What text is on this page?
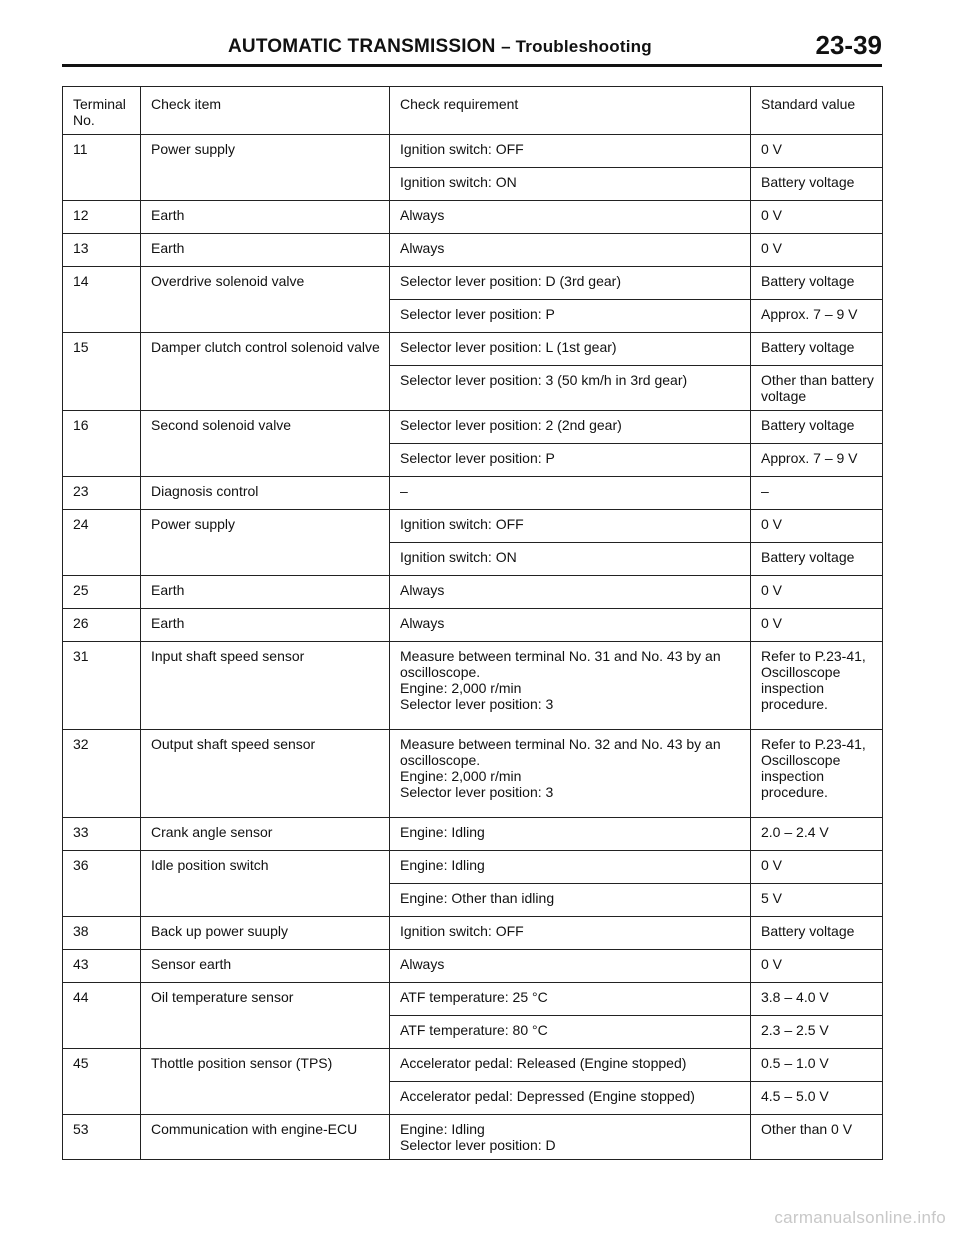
AUTOMATIC TRANSMISSION – Troubleshooting	23-39
Terminal No.	Check item	Check requirement	Standard value
11	Power supply	Ignition switch: OFF	0 V
		Ignition switch: ON	Battery voltage
12	Earth	Always	0 V
13	Earth	Always	0 V
14	Overdrive solenoid valve	Selector lever position: D (3rd gear)	Battery voltage
		Selector lever position: P	Approx. 7 – 9 V
15	Damper clutch control solenoid valve	Selector lever position: L (1st gear)	Battery voltage
		Selector lever position: 3 (50 km/h in 3rd gear)	Other than battery voltage
16	Second solenoid valve	Selector lever position: 2 (2nd gear)	Battery voltage
		Selector lever position: P	Approx. 7 – 9 V
23	Diagnosis control	–	–
24	Power supply	Ignition switch: OFF	0 V
		Ignition switch: ON	Battery voltage
25	Earth	Always	0 V
26	Earth	Always	0 V
31	Input shaft speed sensor	Measure between terminal No. 31 and No. 43 by an oscilloscope.
Engine: 2,000 r/min
Selector lever position: 3	Refer to P.23-41, Oscilloscope inspection procedure.
32	Output shaft speed sensor	Measure between terminal No. 32 and No. 43 by an oscilloscope.
Engine: 2,000 r/min
Selector lever position: 3	Refer to P.23-41, Oscilloscope inspection procedure.
33	Crank angle sensor	Engine: Idling	2.0 – 2.4 V
36	Idle position switch	Engine: Idling	0 V
		Engine: Other than idling	5 V
38	Back up power suuply	Ignition switch: OFF	Battery voltage
43	Sensor earth	Always	0 V
44	Oil temperature sensor	ATF temperature: 25 °C	3.8 – 4.0 V
		ATF temperature: 80 °C	2.3 – 2.5 V
45	Thottle position sensor (TPS)	Accelerator pedal: Released (Engine stopped)	0.5 – 1.0 V
		Accelerator pedal: Depressed (Engine stopped)	4.5 – 5.0 V
53	Communication with engine-ECU	Engine: Idling
Selector lever position: D	Other than 0 V
carmanualsonline.info
